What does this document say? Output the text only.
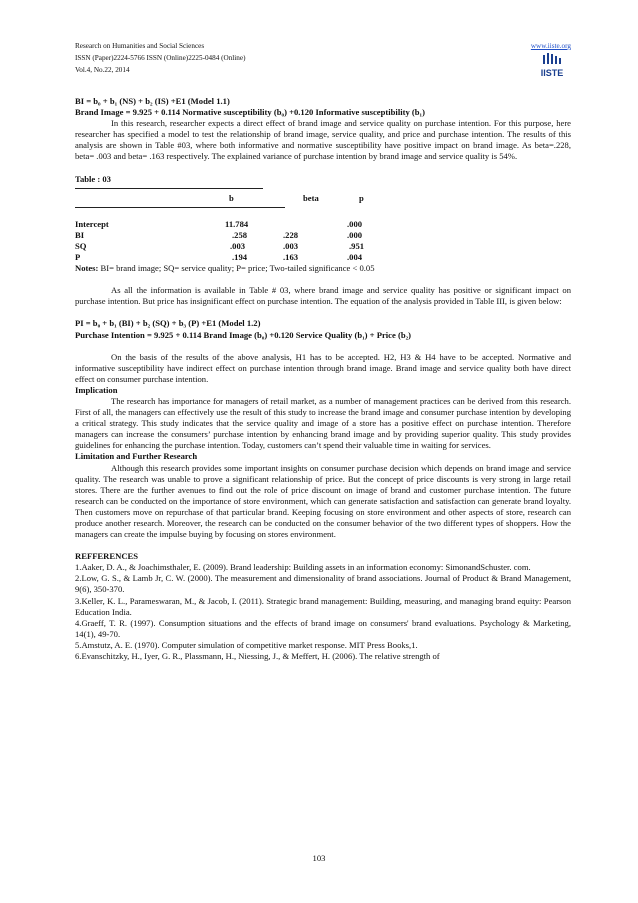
Research on Humanities and Social Sciences
ISSN (Paper)2224-5766 ISSN (Online)2225-0484 (Online)
Vol.4, No.22, 2014
www.iiste.org
IISTE

BI = b₀ + b₁ (NS) + b₂ (IS) +E1 (Model 1.1)

Brand Image = 9.925 + 0.114 Normative susceptibility (b₀) +0.120 Informative susceptibility (b₁)

In this research, researcher expects a direct effect of brand image and service quality on purchase intention. For this purpose, here researcher has specified a model to test the relationship of brand image, service quality, and price and purchase intention. The results of this analysis are shown in Table #03, where both informative and normative susceptibility have positive impact on brand image. As beta=.228, beta= .003 and beta= .163 respectively. The explained variance of purchase intention by brand image and service quality is 54%.

Table : 03

	b	beta	p
Intercept	11.784		.000
BI	.258	.228	.000
SQ	.003	.003	.951
P	.194	.163	.004

Notes: BI= brand image; SQ= service quality; P= price; Two-tailed significance < 0.05

As all the information is available in Table # 03, where brand image and service quality has positive or significant impact on purchase intention. But price has insignificant effect on purchase intention. The equation of the analysis provided in Table III, is given below:

PI = b₀ + b₁ (BI) + b₂ (SQ) + b₃ (P) +E1 (Model 1.2)

Purchase Intention = 9.925 + 0.114 Brand Image (b₀) +0.120 Service Quality (b₁) + Price (b₂)

On the basis of the results of the above analysis, H1 has to be accepted. H2, H3 & H4 have to be accepted. Normative and informative susceptibility have indirect effect on purchase intention through brand image. Brand image and service quality both have direct effect on consumer purchase intention.

Implication

The research has importance for managers of retail market, as a number of management practices can be derived from this research. First of all, the managers can effectively use the result of this study to increase the brand image and consumer purchase intention by developing a critical strategy. This study indicates that the service quality and image of a store has a positive effect on purchase intention. Therefore managers can increase the consumers’ purchase intention by enhancing brand image and by providing superior quality. This study provides guidelines for enhancing the purchase intention. Today, customers can’t spend their valuable time in waiting for services.

Limitation and Further Research

Although this research provides some important insights on consumer purchase decision which depends on brand image and service quality. The research was unable to prove a significant relationship of price. But the concept of price discounts is very strong in large retail stores. There are the further avenues to find out the role of price discount on image of brand and customer purchase intention. The future research can be conducted on the importance of store environment, which can generate satisfaction and satisfaction can generate brand loyalty. Then customers move on repurchase of that particular brand. Keeping focusing on store environment and other aspects of store, research can produce another research. Moreover, the research can be conducted on the consumer behavior of the two different types of shoppers. How the managers can create the impulse buying by focusing on stores environment.

REFFERENCES

1.Aaker, D. A., & Joachimsthaler, E. (2009). Brand leadership: Building assets in an information economy: SimonandSchuster. com.

2.Low, G. S., & Lamb Jr, C. W. (2000). The measurement and dimensionality of brand associations. Journal of Product & Brand Management, 9(6), 350-370.

3.Keller, K. L., Parameswaran, M., & Jacob, I. (2011). Strategic brand management: Building, measuring, and managing brand equity: Pearson Education India.

4.Graeff, T. R. (1997). Consumption situations and the effects of brand image on consumers' brand evaluations. Psychology & Marketing, 14(1), 49-70.

5.Amstutz, A. E. (1970). Computer simulation of competitive market response. MIT Press Books,1.

6.Evanschitzky, H., Iyer, G. R., Plassmann, H., Niessing, J., & Meffert, H. (2006). The relative strength of

103
